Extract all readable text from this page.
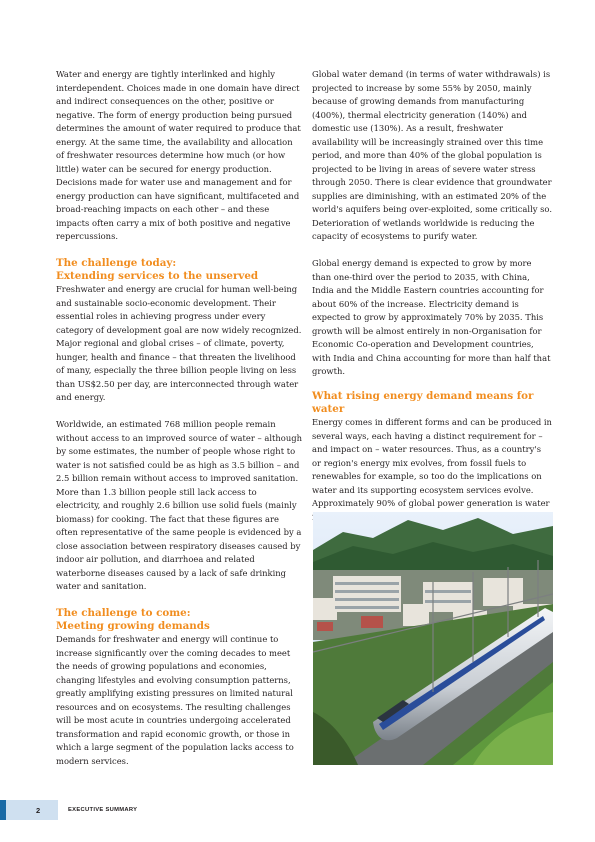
Water and energy are tightly interlinked and highly interdependent. Choices made in one domain have direct and indirect consequences on the other, positive or negative. The form of energy production being pursued determines the amount of water required to produce that energy. At the same time, the availability and allocation of freshwater resources determine how much (or how little) water can be secured for energy production. Decisions made for water use and management and for energy production can have significant, multifaceted and broad-reaching impacts on each other – and these impacts often carry a mix of both positive and negative repercussions.

The challenge today:
Extending services to the unserved

Freshwater and energy are crucial for human well-being and sustainable socio-economic development. Their essential roles in achieving progress under every category of development goal are now widely recognized. Major regional and global crises – of climate, poverty, hunger, health and finance – that threaten the livelihood of many, especially the three billion people living on less than US$2.50 per day, are interconnected through water and energy.

Worldwide, an estimated 768 million people remain without access to an improved source of water – although by some estimates, the number of people whose right to water is not satisfied could be as high as 3.5 billion – and 2.5 billion remain without access to improved sanitation. More than 1.3 billion people still lack access to electricity, and roughly 2.6 billion use solid fuels (mainly biomass) for cooking. The fact that these figures are often representative of the same people is evidenced by a close association between respiratory diseases caused by indoor air pollution, and diarrhoea and related waterborne diseases caused by a lack of safe drinking water and sanitation.

The challenge to come:
Meeting growing demands

Demands for freshwater and energy will continue to increase significantly over the coming decades to meet the needs of growing populations and economies, changing lifestyles and evolving consumption patterns, greatly amplifying existing pressures on limited natural resources and on ecosystems. The resulting challenges will be most acute in countries undergoing accelerated transformation and rapid economic growth, or those in which a large segment of the population lacks access to modern services.

Global water demand (in terms of water withdrawals) is projected to increase by some 55% by 2050, mainly because of growing demands from manufacturing (400%), thermal electricity generation (140%) and domestic use (130%). As a result, freshwater availability will be increasingly strained over this time period, and more than 40% of the global population is projected to be living in areas of severe water stress through 2050. There is clear evidence that groundwater supplies are diminishing, with an estimated 20% of the world's aquifers being over-exploited, some critically so. Deterioration of wetlands worldwide is reducing the capacity of ecosystems to purify water.

Global energy demand is expected to grow by more than one-third over the period to 2035, with China, India and the Middle Eastern countries accounting for about 60% of the increase. Electricity demand is expected to grow by approximately 70% by 2035. This growth will be almost entirely in non-Organisation for Economic Co-operation and Development countries, with India and China accounting for more than half that growth.

What rising energy demand means for water

Energy comes in different forms and can be produced in several ways, each having a distinct requirement for – and impact on – water resources. Thus, as a country's or region's energy mix evolves, from fossil fuels to renewables for example, so too do the implications on water and its supporting ecosystem services evolve. Approximately 90% of global power generation is water

2	EXECUTIVE SUMMARY
